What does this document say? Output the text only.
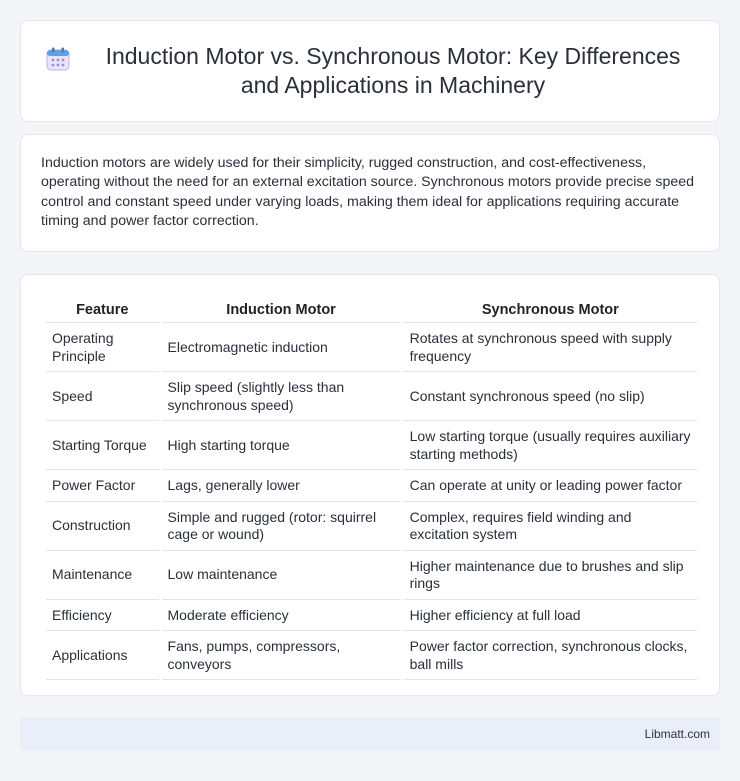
Induction Motor vs. Synchronous Motor: Key Differences and Applications in Machinery

Induction motors are widely used for their simplicity, rugged construction, and cost-effectiveness, operating without the need for an external excitation source. Synchronous motors provide precise speed control and constant speed under varying loads, making them ideal for applications requiring accurate timing and power factor correction.

Feature	Induction Motor	Synchronous Motor
Operating Principle	Electromagnetic induction	Rotates at synchronous speed with supply frequency
Speed	Slip speed (slightly less than synchronous speed)	Constant synchronous speed (no slip)
Starting Torque	High starting torque	Low starting torque (usually requires auxiliary starting methods)
Power Factor	Lags, generally lower	Can operate at unity or leading power factor
Construction	Simple and rugged (rotor: squirrel cage or wound)	Complex, requires field winding and excitation system
Maintenance	Low maintenance	Higher maintenance due to brushes and slip rings
Efficiency	Moderate efficiency	Higher efficiency at full load
Applications	Fans, pumps, compressors, conveyors	Power factor correction, synchronous clocks, ball mills
Libmatt.com
